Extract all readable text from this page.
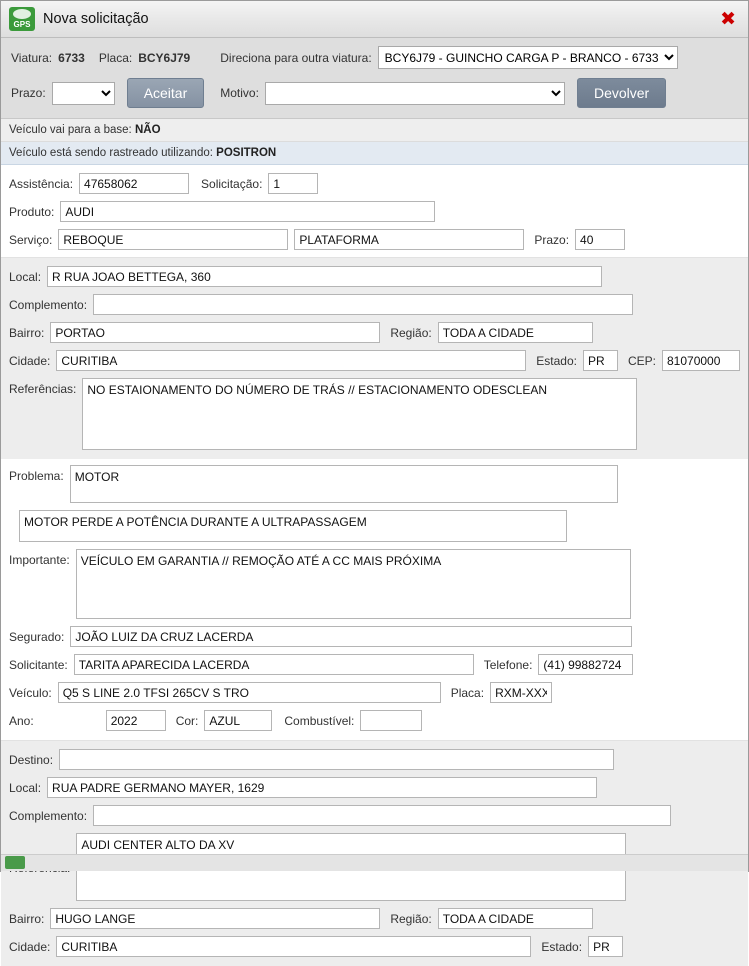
GPS Nova solicitação	✖
Viatura: 6733 Placa: BCY6J79	Direciona para outra viatura:
BCY6J79 - GUINCHO CARGA P - BRANCO - 6733 - CAMI
Prazo:	Aceitar	Motivo:	Devolver
Veículo vai para a base: NÃO
Veículo está sendo rastreado utilizando: POSITRON
Assistência:
47658062	Solicitação:
1
Produto:
AUDI
Serviço:
REBOQUE
PLATAFORMA	Prazo:
40
Local:
R RUA JOAO BETTEGA, 360
Complemento:
Bairro:
PORTAO	Região:
TODA A CIDADE
Cidade:
CURITIBA	Estado:
PR	CEP:
81070000
Referências:
NO ESTAIONAMENTO DO NÚMERO DE TRÁS // ESTACIONAMENTO ODESCLEAN
Problema:
MOTOR
MOTOR PERDE A POTÊNCIA DURANTE A ULTRAPASSAGEM
Importante:
VEÍCULO EM GARANTIA // REMOÇÃO ATÉ A CC MAIS PRÓXIMA
Segurado:
JOÃO LUIZ DA CRUZ LACERDA
Solicitante:
TARITA APARECIDA LACERDA	Telefone:
(41) 99882724
Veículo:
Q5 S LINE 2.0 TFSI 265CV S TRO	Placa:
RXM-XXXO
Ano:
2022	Cor:
AZUL	Combustível:
Destino:
Local:
RUA PADRE GERMANO MAYER, 1629
Complemento:
AUDI CENTER ALTO DA XV
Bairro:
HUGO LANGE	Região:
TODA A CIDADE
Cidade:
CURITIBA	Estado:
PR
